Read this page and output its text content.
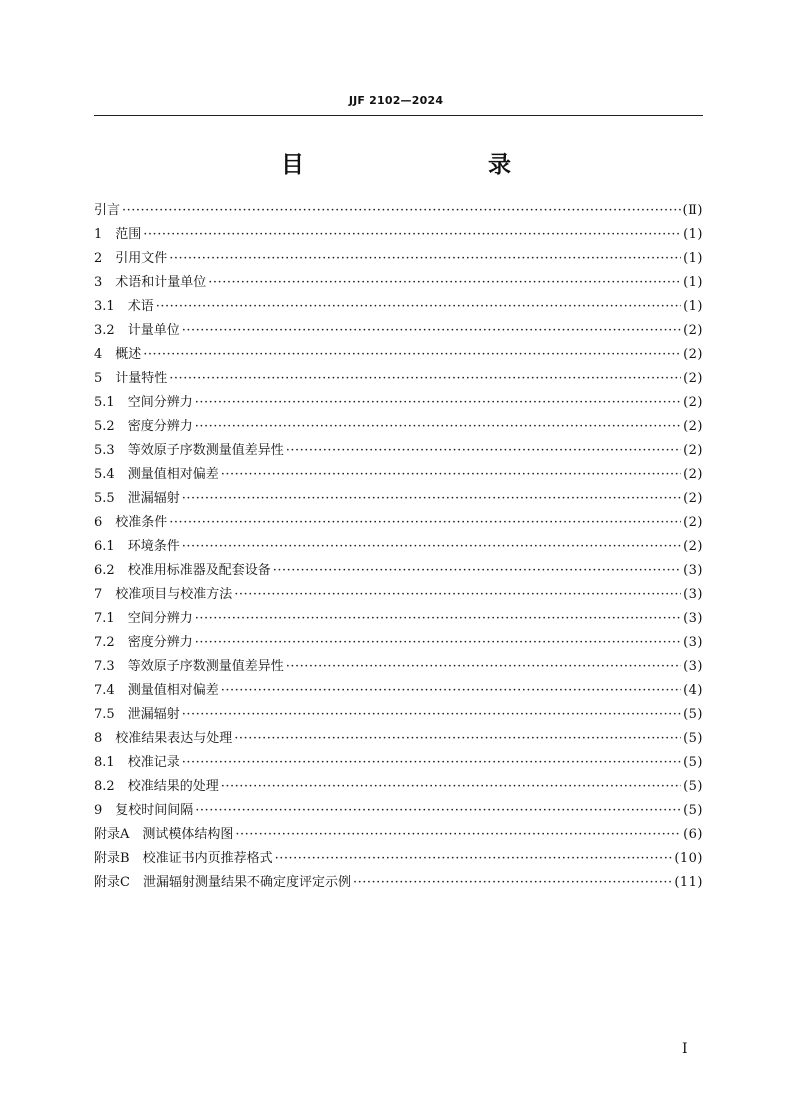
JJF 2102—2024
目　　录
引言 ·····	(Ⅱ)
1　 范围 ·····	(1)
2　 引用文件 ·····	(1)
3　 术语和计量单位 ·····	(1)
3.1　 术语 ·····	(1)
3.2　 计量单位 ·····	(2)
4　 概述 ·····	(2)
5　 计量特性 ·····	(2)
5.1　 空间分辨力 ·····	(2)
5.2　 密度分辨力 ·····	(2)
5.3　 等效原子序数测量值差异性 ·····	(2)
5.4　 测量值相对偏差 ·····	(2)
5.5　 泄漏辐射 ·····	(2)
6　 校准条件 ·····	(2)
6.1　 环境条件 ·····	(2)
6.2　 校准用标准器及配套设备 ·····	(3)
7　 校准项目与校准方法 ·····	(3)
7.1　 空间分辨力 ·····	(3)
7.2　 密度分辨力 ·····	(3)
7.3　 等效原子序数测量值差异性 ·····	(3)
7.4　 测量值相对偏差 ·····	(4)
7.5　 泄漏辐射 ·····	(5)
8　 校准结果表达与处理 ·····	(5)
8.1　 校准记录 ·····	(5)
8.2　 校准结果的处理 ·····	(5)
9　 复校时间间隔 ·····	(5)
附录A　 测试模体结构图 ·····	(6)
附录B　 校准证书内页推荐格式 ·····	(10)
附录C　 泄漏辐射测量结果不确定度评定示例 ·····	(11)
I
